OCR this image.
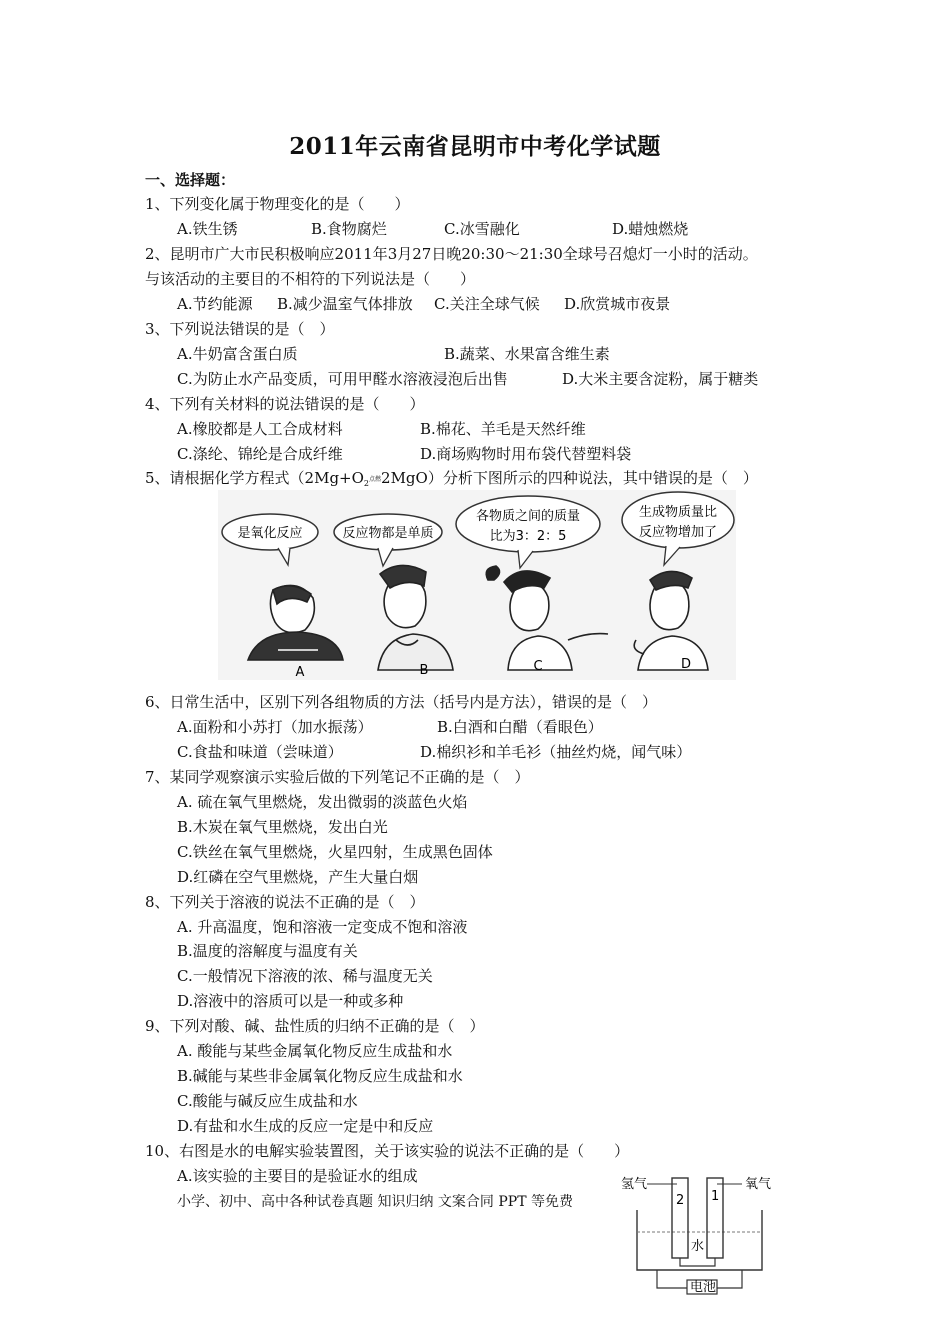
2011年云南省昆明市中考化学试题
一、选择题：
1、下列变化属于物理变化的是（　　）
A.铁生锈	B.食物腐烂	C.冰雪融化	D.蜡烛燃烧
2、昆明市广大市民积极响应2011年3月27日晚20:30～21:30全球号召熄灯一小时的活动。
与该活动的主要目的不相符的下列说法是（　　）
A.节约能源 B.减少温室气体排放 C.关注全球气候 D.欣赏城市夜景
3、下列说法错误的是（　）
A.牛奶富含蛋白质	B.蔬菜、水果富含维生素
C.为防止水产品变质，可用甲醛水溶液浸泡后出售	D.大米主要含淀粉，属于糖类
4、下列有关材料的说法错误的是（　　）
A.橡胶都是人工合成材料	B.棉花、羊毛是天然纤维
C.涤纶、锦纶是合成纤维	D.商场购物时用布袋代替塑料袋
5、请根据化学方程式（$2Mg+O_2$点燃2MgO）分析下图所示的四种说法，其中错误的是（　）
是氧化反应	反应物都是单质
各物质之间的质量
比为3：2：5
生成物质量比
反应物增加了
A	B	C	D
6、日常生活中，区别下列各组物质的方法（括号内是方法），错误的是（　）
A.面粉和小苏打（加水振荡）	B.白酒和白醋（看眼色）
C.食盐和味道（尝味道）	D.棉织衫和羊毛衫（抽丝灼烧，闻气味）
7、某同学观察演示实验后做的下列笔记不正确的是（　）
A. 硫在氧气里燃烧，发出微弱的淡蓝色火焰
B.木炭在氧气里燃烧，发出白光
C.铁丝在氧气里燃烧，火星四射，生成黑色固体
D.红磷在空气里燃烧，产生大量白烟
8、下列关于溶液的说法不正确的是（　）
A. 升高温度，饱和溶液一定变成不饱和溶液
B.温度的溶解度与温度有关
C.一般情况下溶液的浓、稀与温度无关
D.溶液中的溶质可以是一种或多种
9、下列对酸、碱、盐性质的归纳不正确的是（　）
A. 酸能与某些金属氧化物反应生成盐和水
B.碱能与某些非金属氧化物反应生成盐和水
C.酸能与碱反应生成盐和水
D.有盐和水生成的反应一定是中和反应
10、右图是水的电解实验装置图，关于该实验的说法不正确的是（　　）
A.该实验的主要目的是验证水的组成
小学、初中、高中各种试卷真题 知识归纳 文案合同 PPT 等免费
氢气	氧气
2 1
水
电池
